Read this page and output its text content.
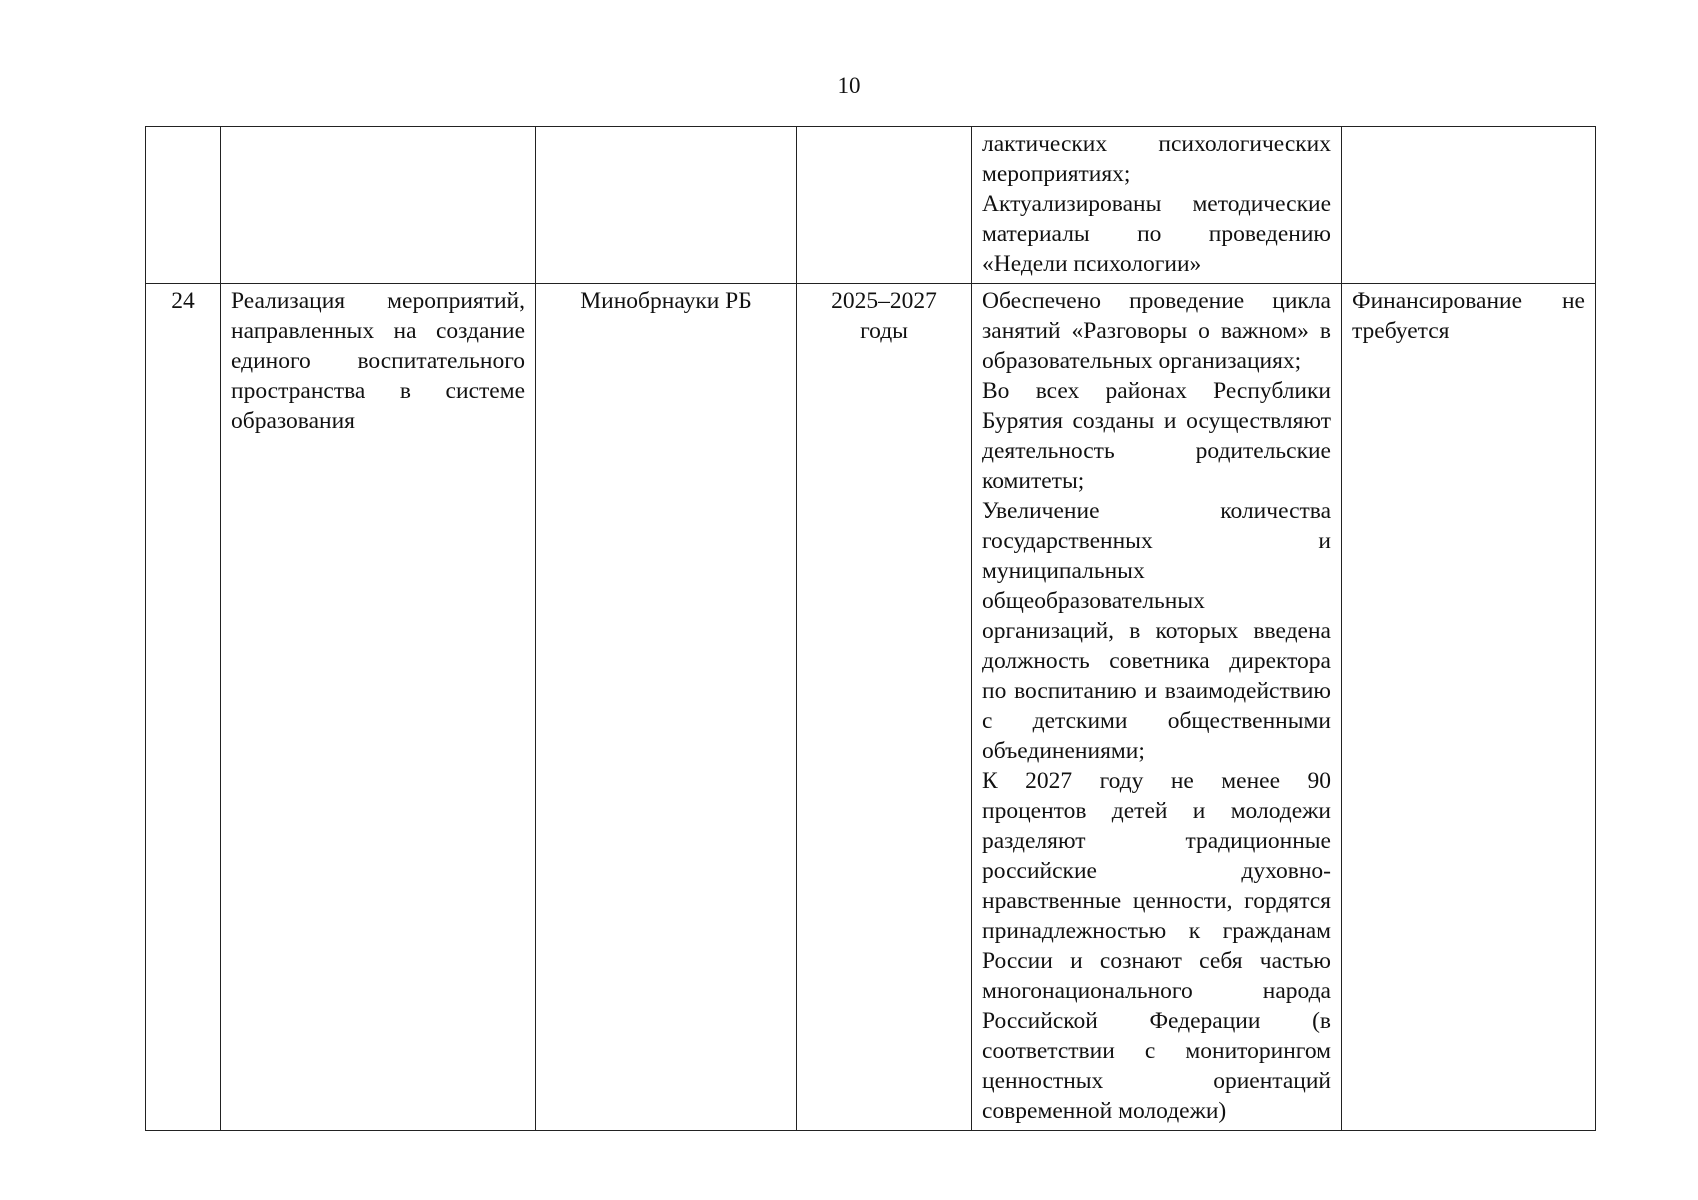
10

				лактических психологических мероприятиях;
Актуализированы методические материалы по проведению «Недели психологии»	

24	Реализация мероприятий, направленных на создание единого воспитательного пространства в системе образования	Минобрнауки РБ	2025–2027
годы	Обеспечено проведение цикла занятий «Разговоры о важном» в образовательных организациях;
Во всех районах Республики Бурятия созданы и осуществляют деятельность родительские комитеты;
Увеличение количества государственных и муниципальных общеобразовательных организаций, в которых введена должность советника директора по воспитанию и взаимодействию с детскими общественными объединениями;
К 2027 году не менее 90 процентов детей и молодежи разделяют традиционные российские духовно-нравственные ценности, гордятся принадлежностью к гражданам России и сознают себя частью многонационального народа Российской Федерации (в соответствии с мониторингом ценностных ориентаций современной молодежи)	Финансирование не требуется
